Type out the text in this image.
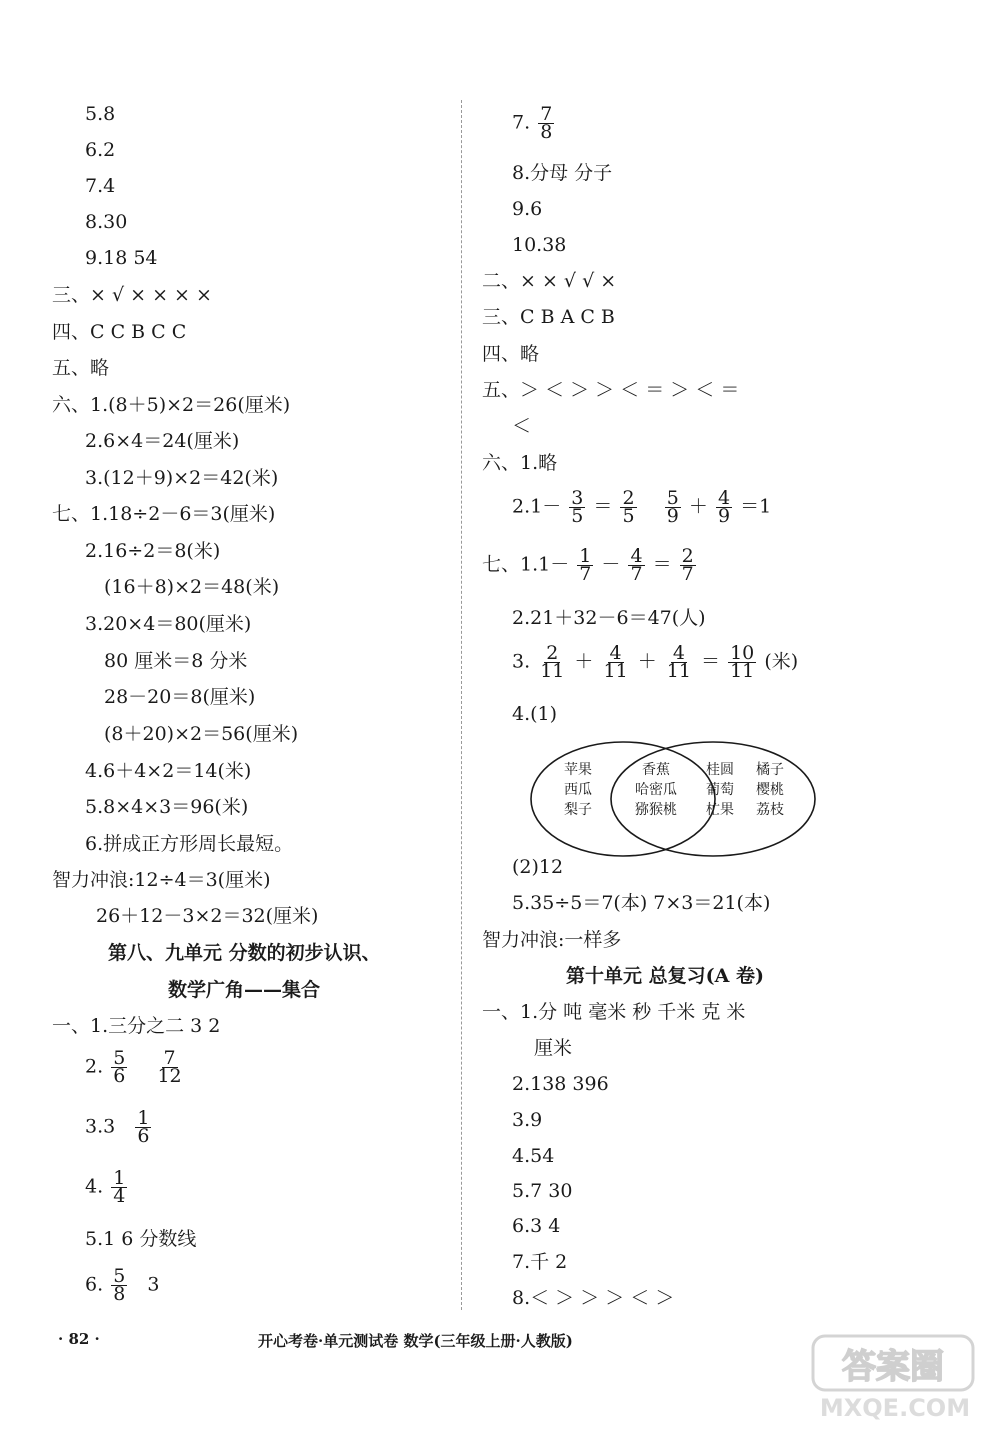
5.8
6.2
7.4
8.30
9.18 54
三、× √ × × × ×
四、C C B C C
五、略
六、1.(8＋5)×2＝26(厘米)
2.6×4＝24(厘米)
3.(12＋9)×2＝42(米)
七、1.18÷2－6＝3(厘米)
2.16÷2＝8(米)
(16＋8)×2＝48(米)
3.20×4＝80(厘米)
80 厘米＝8 分米
28－20＝8(厘米)
(8＋20)×2＝56(厘米)
4.6＋4×2＝14(米)
5.8×4×3＝96(米)
6.拼成正方形周长最短。
智力冲浪:12÷4＝3(厘米)
26＋12－3×2＝32(厘米)
第八、九单元 分数的初步认识、
数学广角——集合
一、1.三分之二 3 2
2. $\frac{5}{6}$
$\frac{7}{12}$
$3.3 \frac{1}{6}$
4. $\frac{1}{4}$
5.1 6 分数线
6. $\frac{5}{8} 3$
7. $\frac{7}{8}$
8.分母 分子
9.6
10.38
二、× × √ √ ×
三、C B A C B
四、略
五、＞ ＜ ＞ ＞ ＜ ＝ ＞ ＜ ＝
＜
六、1.略
$2.1- \frac{3}{5} = \frac{2}{5}$
$\frac{5}{9} + \frac{4}{9} =1$
七、$1.1- \frac{1}{7} - \frac{4}{7} = \frac{2}{7}$
2.21＋32－6＝47(人)
3. $\frac{2}{11} + \frac{4}{11} + \frac{4}{11} = \frac{10}{11}$ (米)
4.(1)
苹果
西瓜
梨子
香蕉
哈密瓜
猕猴桃
桂圆
葡萄
杧果
橘子
樱桃
荔枝
(2)12
5.35÷5＝7(本) 7×3＝21(本)
智力冲浪:一样多
第十单元 总复习(A 卷)
一、1.分 吨 毫米 秒 千米 克 米
厘米
2.138 396
3.9
4.54
5.7 30
6.3 4
7.千 2
8.＜ ＞ ＞ ＞ ＜ ＞
· 82 ·	开心考卷·单元测试卷 数学(三年级上册·人教版)
答案圈
MXQE.COM
